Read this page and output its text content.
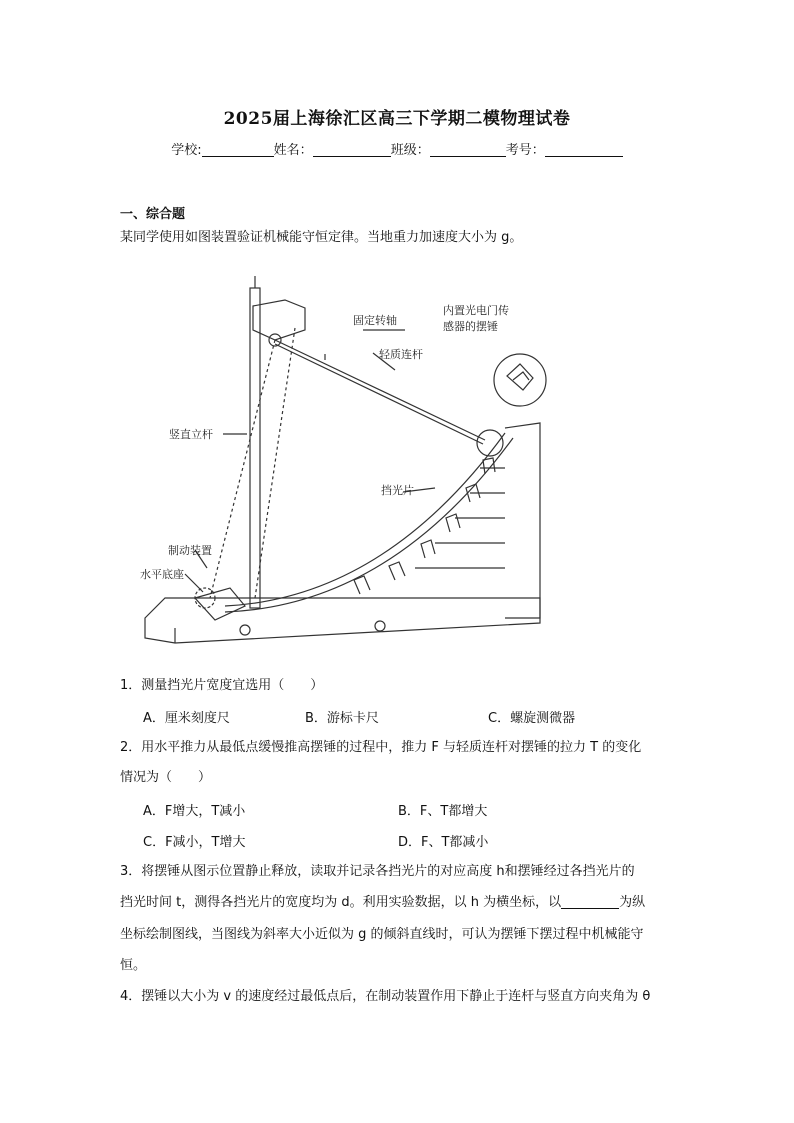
2025届上海徐汇区高三下学期二模物理试卷
学校:	姓名：	班级：	考号：
一、综合题
某同学使用如图装置验证机械能守恒定律。当地重力加速度大小为 g。
固定转轴
内置光电门传
感器的摆锤
轻质连杆
竖直立杆
挡光片
制动装置
水平底座
1．测量挡光片宽度宜选用（　　）
A．厘米刻度尺	B．游标卡尺	C．螺旋测微器
2．用水平推力从最低点缓慢推高摆锤的过程中，推力 F 与轻质连杆对摆锤的拉力 T 的变化
情况为（　　）
A．F增大，T减小	B．F、T都增大
C．F减小，T增大	D．F、T都减小
3．将摆锤从图示位置静止释放，读取并记录各挡光片的对应高度 h和摆锤经过各挡光片的
挡光时间 t，测得各挡光片的宽度均为 d。利用实验数据，以 h 为横坐标，以	为纵
坐标绘制图线，当图线为斜率大小近似为 g 的倾斜直线时，可认为摆锤下摆过程中机械能守
恒。
4．摆锤以大小为 v 的速度经过最低点后，在制动装置作用下静止于连杆与竖直方向夹角为 θ
